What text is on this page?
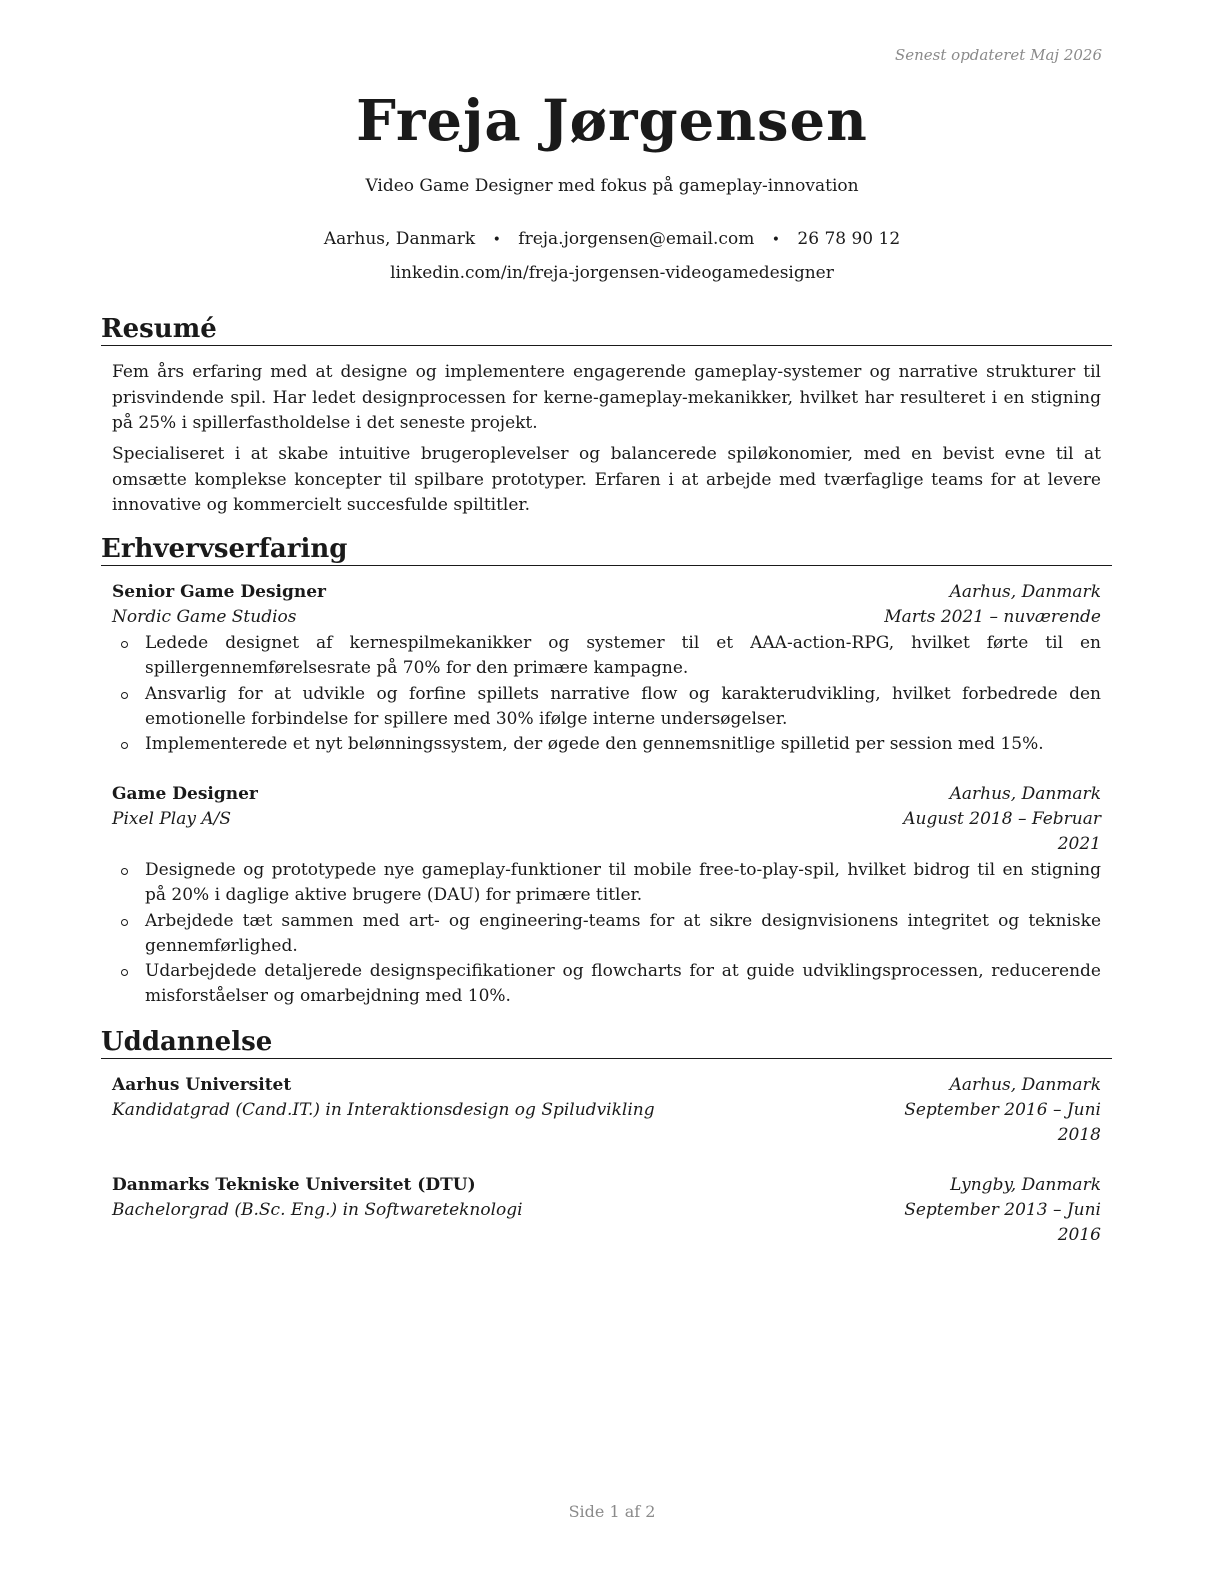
Senest opdateret Maj 2026
Freja Jørgensen
Video Game Designer med fokus på gameplay-innovation
Aarhus, Danmark • freja.jorgensen@email.com • 26 78 90 12
linkedin.com/in/freja-jorgensen-videogamedesigner
Resumé

Fem års erfaring med at designe og implementere engagerende gameplay-systemer og narrative strukturer til prisvindende spil. Har ledet designprocessen for kerne-gameplay-mekanikker, hvilket har resulteret i en stigning på 25% i spillerfastholdelse i det seneste projekt.

Specialiseret i at skabe intuitive brugeroplevelser og balancerede spiløkonomier, med en bevist evne til at omsætte komplekse koncepter til spilbare prototyper. Erfaren i at arbejde med tværfaglige teams for at levere innovative og kommercielt succesfulde spiltitler.

Erhvervserfaring
Senior Game Designer	Aarhus, Danmark
Nordic Game Studios	Marts 2021 – nuværende
Ledede designet af kernespilmekanikker og systemer til et AAA-action-RPG, hvilket førte til en spillergennemførelsesrate på 70% for den primære kampagne.
Ansvarlig for at udvikle og forfine spillets narrative flow og karakterudvikling, hvilket forbedrede den emotionelle forbindelse for spillere med 30% ifølge interne undersøgelser.
Implementerede et nyt belønningssystem, der øgede den gennemsnitlige spilletid per session med 15%.
Game Designer	Aarhus, Danmark
Pixel Play A/S	August 2018 – Februar 2021
Designede og prototypede nye gameplay-funktioner til mobile free-to-play-spil, hvilket bidrog til en stigning på 20% i daglige aktive brugere (DAU) for primære titler.
Arbejdede tæt sammen med art- og engineering-teams for at sikre designvisionens integritet og tekniske gennemførlighed.
Udarbejdede detaljerede designspecifikationer og flowcharts for at guide udviklingsprocessen, reducerende misforståelser og omarbejdning med 10%.
Uddannelse
Aarhus Universitet	Aarhus, Danmark
Kandidatgrad (Cand.IT.) in Interaktionsdesign og Spiludvikling	September 2016 – Juni 2018
Danmarks Tekniske Universitet (DTU)	Lyngby, Danmark
Bachelorgrad (B.Sc. Eng.) in Softwareteknologi	September 2013 – Juni 2016
Side 1 af 2
